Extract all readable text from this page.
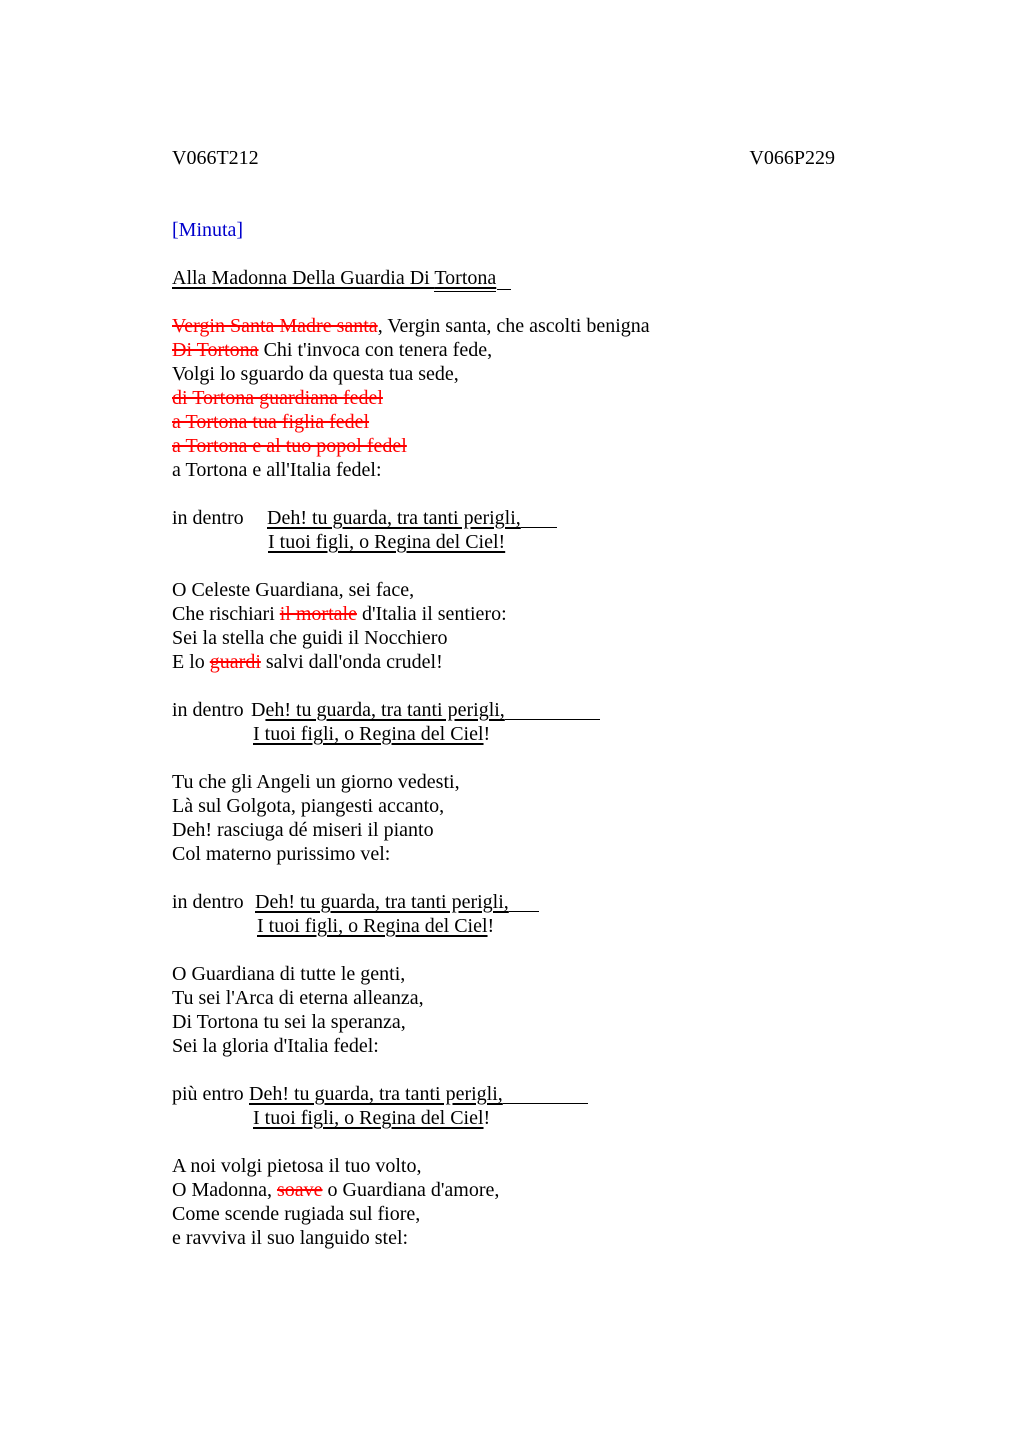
V066T212	V066P229
[Minuta]
Alla Madonna Della Guardia Di Tortona
Vergin Santa Madre santa, Vergin santa, che ascolti benigna
Di Tortona Chi t'invoca con tenera fede,
Volgi lo sguardo da questa tua sede,
di Tortona guardiana fedel
a Tortona tua figlia fedel
a Tortona e al tuo popol fedel
a Tortona e all'Italia fedel:
in dentro Deh! tu guarda, tra tanti perigli,
I tuoi figli, o Regina del Ciel!
O Celeste Guardiana, sei face,
Che rischiari il mortale d'Italia il sentiero:
Sei la stella che guidi il Nocchiero
E lo guardi salvi dall'onda crudel!
in dentro Deh! tu guarda, tra tanti perigli,
I tuoi figli, o Regina del Ciel!
Tu che gli Angeli un giorno vedesti,
Là sul Golgota, piangesti accanto,
Deh! rasciuga dé miseri il pianto
Col materno purissimo vel:
in dentro Deh! tu guarda, tra tanti perigli,
I tuoi figli, o Regina del Ciel!
O Guardiana di tutte le genti,
Tu sei l'Arca di eterna alleanza,
Di Tortona tu sei la speranza,
Sei la gloria d'Italia fedel:
più entro Deh! tu guarda, tra tanti perigli,
I tuoi figli, o Regina del Ciel!
A noi volgi pietosa il tuo volto,
O Madonna, soave o Guardiana d'amore,
Come scende rugiada sul fiore,
e ravviva il suo languido stel:
